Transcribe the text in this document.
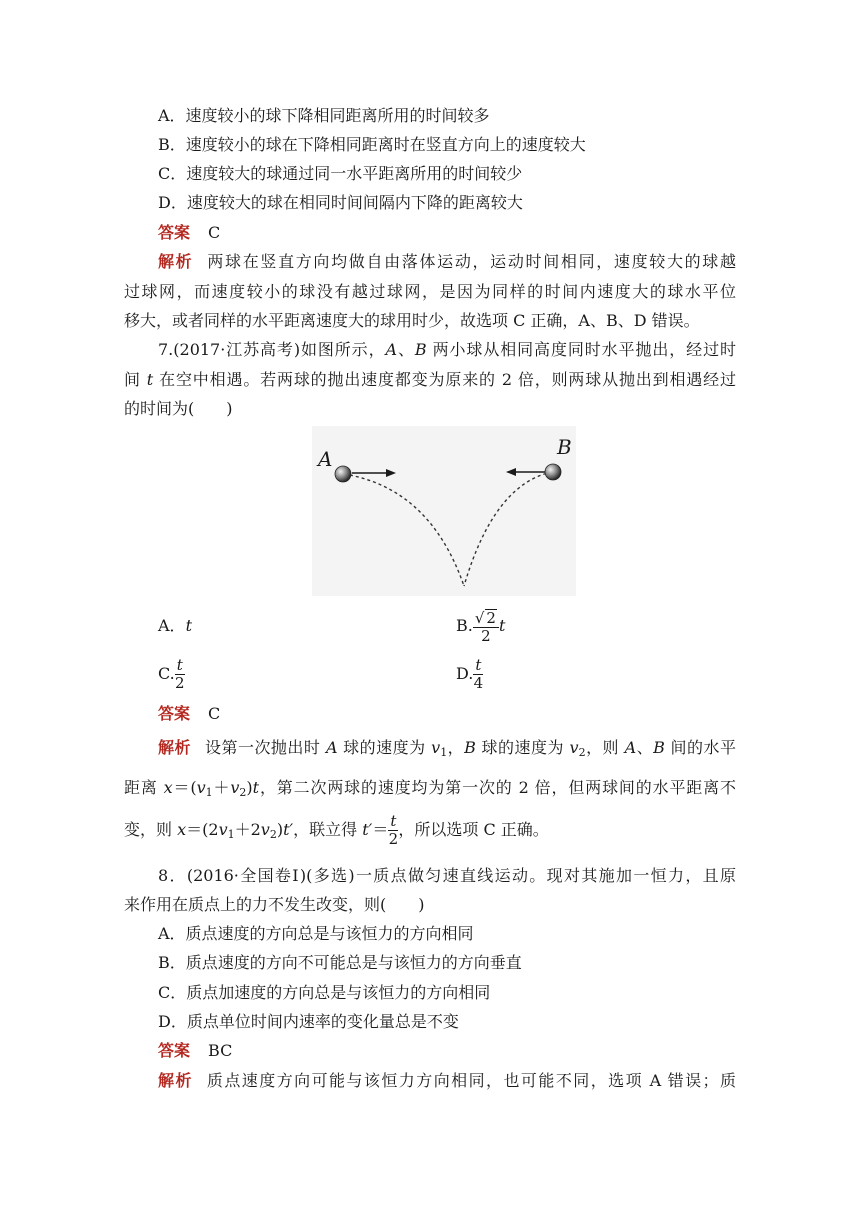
A．速度较小的球下降相同距离所用的时间较多
B．速度较小的球在下降相同距离时在竖直方向上的速度较大
C．速度较大的球通过同一水平距离所用的时间较少
D．速度较大的球在相同时间间隔内下降的距离较大
答案 C
解析 两球在竖直方向均做自由落体运动，运动时间相同，速度较大的球越
过球网，而速度较小的球没有越过球网，是因为同样的时间内速度大的球水平位
移大，或者同样的水平距离速度大的球用时少，故选项 C 正确，A、B、D 错误。
7.(2017·江苏高考)如图所示，A、B 两小球从相同高度同时水平抛出，经过时
间 t 在空中相遇。若两球的抛出速度都变为原来的 2 倍，则两球从抛出到相遇经过
的时间为(　　)
A	B
A．t	B. $\frac{√ 2}{2}$ t
C. $\frac{t}{2}$	D. $\frac{t}{4}$
答案 C
解析 设第一次抛出时 A 球的速度为 $v_1$，B 球的速度为 $v_2$，则 A、B 间的水平
距离 $x=(v_1+v_2)t$，第二次两球的速度均为第一次的 2 倍，但两球间的水平距离不
变，则 $x=(2v_1+2v_2)t'$，联立得 $t'= \frac{t}{2}$ ，所以选项 C 正确。
8．(2016·全国卷Ⅰ)(多选)一质点做匀速直线运动。现对其施加一恒力，且原
来作用在质点上的力不发生改变，则(　　)
A．质点速度的方向总是与该恒力的方向相同
B．质点速度的方向不可能总是与该恒力的方向垂直
C．质点加速度的方向总是与该恒力的方向相同
D．质点单位时间内速率的变化量总是不变
答案 BC
解析 质点速度方向可能与该恒力方向相同，也可能不同，选项 A 错误；质
